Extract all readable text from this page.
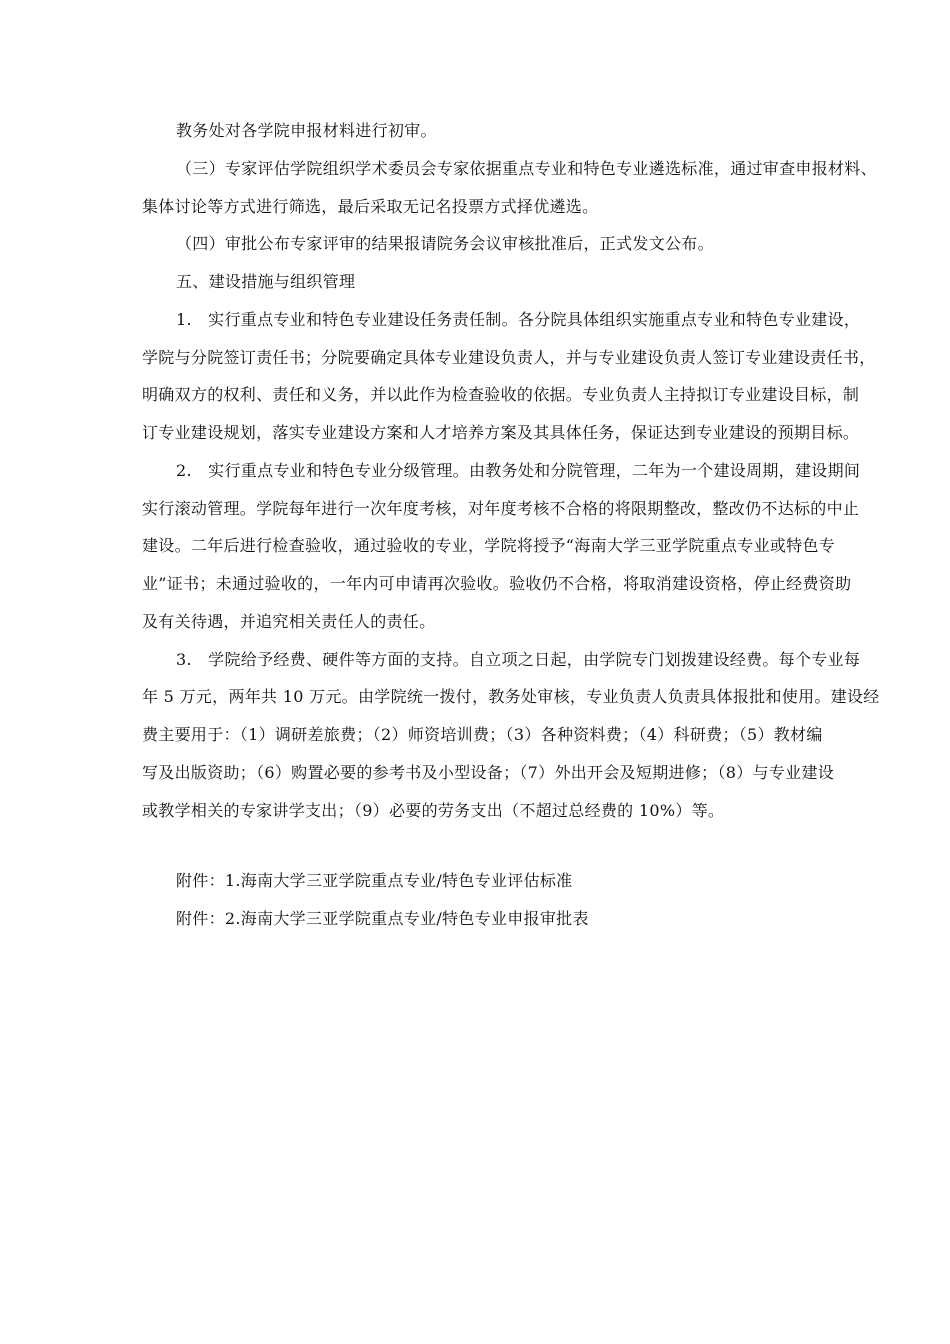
教务处对各学院申报材料进行初审。
（三）专家评估学院组织学术委员会专家依据重点专业和特色专业遴选标准，通过审查申报材料、
集体讨论等方式进行筛选，最后采取无记名投票方式择优遴选。
（四）审批公布专家评审的结果报请院务会议审核批准后，正式发文公布。
五、建设措施与组织管理
1.　实行重点专业和特色专业建设任务责任制。各分院具体组织实施重点专业和特色专业建设，
学院与分院签订责任书；分院要确定具体专业建设负责人，并与专业建设负责人签订专业建设责任书，
明确双方的权利、责任和义务，并以此作为检查验收的依据。专业负责人主持拟订专业建设目标，制
订专业建设规划，落实专业建设方案和人才培养方案及其具体任务，保证达到专业建设的预期目标。
2.　实行重点专业和特色专业分级管理。由教务处和分院管理，二年为一个建设周期，建设期间
实行滚动管理。学院每年进行一次年度考核，对年度考核不合格的将限期整改，整改仍不达标的中止
建设。二年后进行检查验收，通过验收的专业，学院将授予“海南大学三亚学院重点专业或特色专
业”证书；未通过验收的，一年内可申请再次验收。验收仍不合格，将取消建设资格，停止经费资助
及有关待遇，并追究相关责任人的责任。
3.　学院给予经费、硬件等方面的支持。自立项之日起，由学院专门划拨建设经费。每个专业每
年 5 万元，两年共 10 万元。由学院统一拨付，教务处审核，专业负责人负责具体报批和使用。建设经
费主要用于：（1）调研差旅费；（2）师资培训费；（3）各种资料费；（4）科研费；（5）教材编
写及出版资助；（6）购置必要的参考书及小型设备；（7）外出开会及短期进修；（8）与专业建设
或教学相关的专家讲学支出；（9）必要的劳务支出（不超过总经费的 10%）等。
附件：1.海南大学三亚学院重点专业/特色专业评估标准
附件：2.海南大学三亚学院重点专业/特色专业申报审批表
